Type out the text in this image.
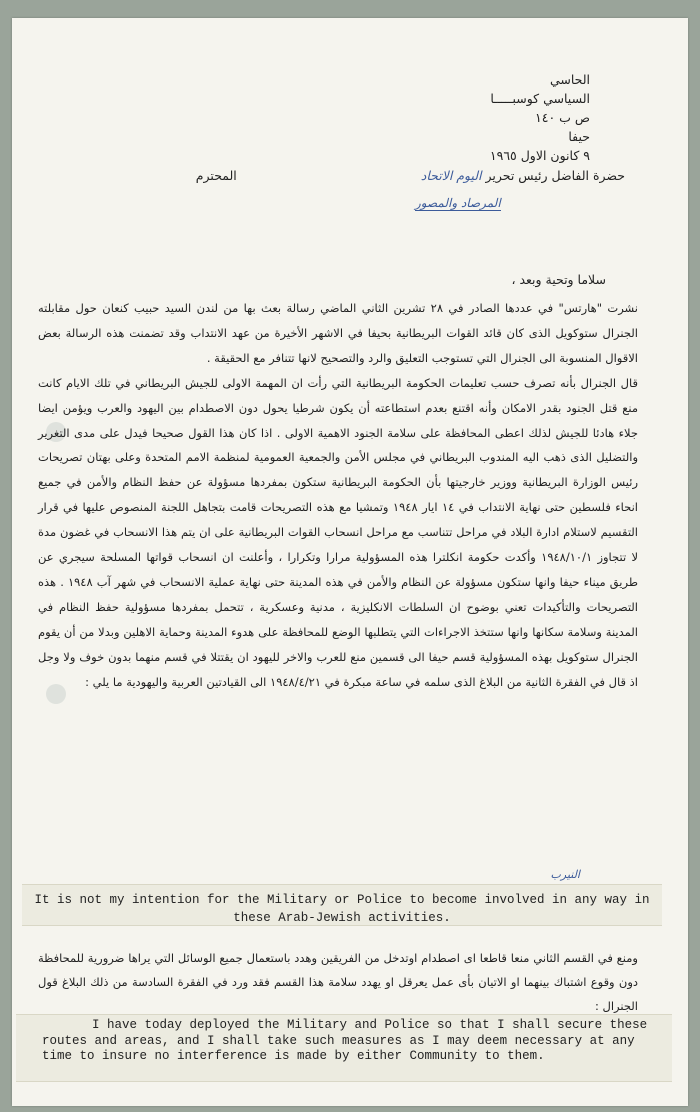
الحاسي
السياسي كوسبـــــا
ص ب ١٤٠
حيفا
٩ كانون الاول ١٩٦٥
حضرة الفاضل رئيس تحرير اليوم الاتحاد المحترم
المرصاد والمصور
سلاما وتحية وبعد ،

نشرت "هارتس" في عددها الصادر في ٢٨ تشرين الثاني الماضي رسالة بعث بها من لندن السيد حبيب كنعان حول مقابلته الجنرال ستوكويل الذى كان قائد القوات البريطانية بحيفا في الاشهر الأخيرة من عهد الانتداب وقد تضمنت هذه الرسالة بعض الاقوال المنسوبة الى الجنرال التي تستوجب التعليق والرد والتصحيح لانها تتنافر مع الحقيقة .

قال الجنرال بأنه تصرف حسب تعليمات الحكومة البريطانية التي رأت ان المهمة الاولى للجيش البريطاني في تلك الايام كانت منع قتل الجنود بقدر الامكان وأنه اقتنع بعدم استطاعته أن يكون شرطيا يحول دون الاصطدام بين اليهود والعرب ويؤمن ايضا جلاء هادئا للجيش لذلك اعطى المحافظة على سلامة الجنود الاهمية الاولى . اذا كان هذا القول صحيحا فيدل على مدى التغرير والتضليل الذى ذهب اليه المندوب البريطاني في مجلس الأمن والجمعية العمومية لمنظمة الامم المتحدة وعلى بهتان تصريحات رئيس الوزارة البريطانية ووزير خارجيتها بأن الحكومة البريطانية ستكون بمفردها مسؤولة عن حفظ النظام والأمن في جميع انحاء فلسطين حتى نهاية الانتداب في ١٤ ايار ١٩٤٨ وتمشيا مع هذه التصريحات قامت بتجاهل اللجنة المنصوص عليها في قرار التقسيم لاستلام ادارة البلاد في مراحل تتناسب مع مراحل انسحاب القوات البريطانية على ان يتم هذا الانسحاب في غضون مدة لا تتجاوز ١٩٤٨/١٠/١ وأكدت حكومة انكلترا هذه المسؤولية مرارا وتكرارا ، وأعلنت ان انسحاب قواتها المسلحة سيجري عن طريق ميناء حيفا وانها ستكون مسؤولة عن النظام والأمن في هذه المدينة حتى نهاية عملية الانسحاب في شهر آب ١٩٤٨ . هذه التصريحات والتأكيدات تعني بوضوح ان السلطات الانكليزية ، مدنية وعسكرية ، تتحمل بمفردها مسؤولية حفظ النظام في المدينة وسلامة سكانها وانها ستتخذ الاجراءات التي يتطلبها الوضع للمحافظة على هدوء المدينة وحماية الاهلين وبدلا من أن يقوم الجنرال ستوكويل بهذه المسؤولية قسم حيفا الى قسمين منع للعرب والاخر لليهود ان يقتتلا في قسم منهما بدون خوف ولا وجل اذ قال في الفقرة الثانية من البلاغ الذى سلمه في ساعة مبكرة في ١٩٤٨/٤/٢١ الى القيادتين العربية واليهودية ما يلي :

النيرب
It is not my intention for the Military or Police to become involved in any way in these Arab-Jewish activities.

ومنع في القسم الثاني منعا قاطعا اى اصطدام اوتدخل من الفريقين وهدد باستعمال جميع الوسائل التي يراها ضرورية للمحافظة دون وقوع اشتباك بينهما او الاتيان بأى عمل يعرقل او يهدد سلامة هذا القسم فقد ورد في الفقرة السادسة من ذلك البلاغ قول الجنرال :

I have today deployed the Military and Police so that I shall secure these routes and areas, and I shall take such measures as I may deem necessary at any time to insure no interference is made by either Community to them.
